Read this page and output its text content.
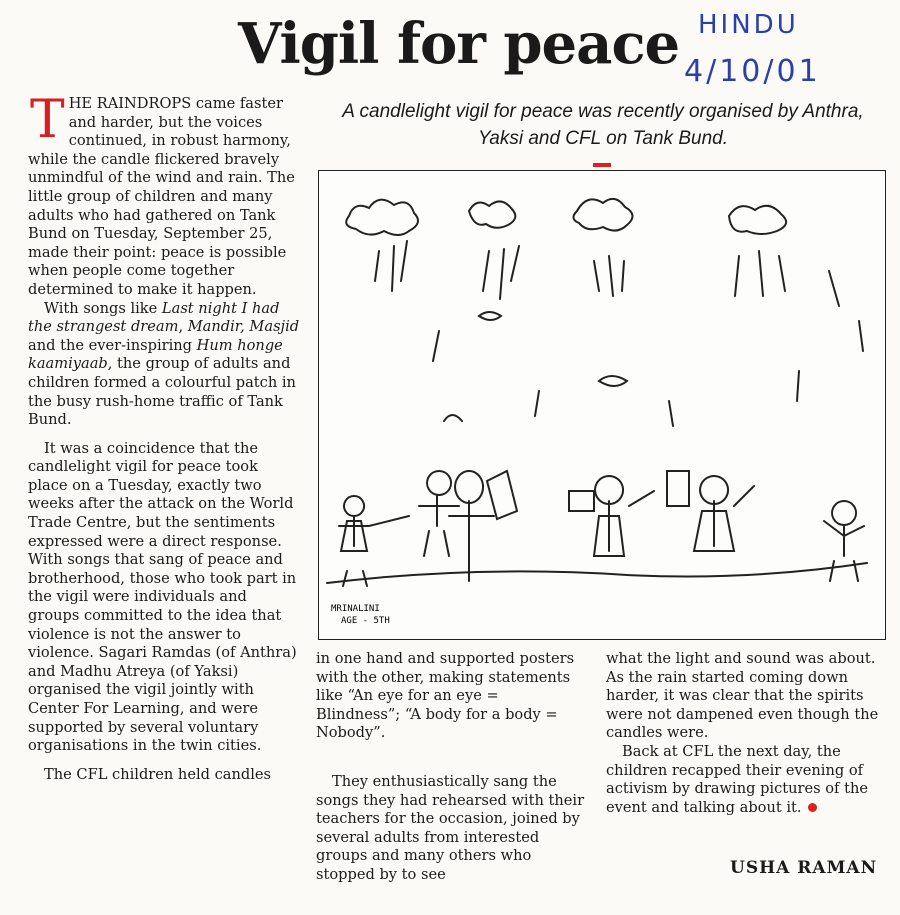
Vigil for peace HINDU
4/10/01
A candlelight vigil for peace was recently organised by Anthra, Yaksi and CFL on Tank Bund.

THE RAINDROPS came faster and harder, but the voices continued, in robust harmony, while the candle flickered bravely unmindful of the wind and rain. The little group of children and many adults who had gathered on Tank Bund on Tuesday, September 25, made their point: peace is possible when people come together determined to make it happen.

With songs like Last night I had the strangest dream, Mandir, Masjid and the ever-inspiring Hum honge kaamiyaab, the group of adults and children formed a colourful patch in the busy rush-home traffic of Tank Bund.

It was a coincidence that the candlelight vigil for peace took place on a Tuesday, exactly two weeks after the attack on the World Trade Centre, but the sentiments expressed were a direct response. With songs that sang of peace and brotherhood, those who took part in the vigil were individuals and groups committed to the idea that violence is not the answer to violence. Sagari Ramdas (of Anthra) and Madhu Atreya (of Yaksi) organised the vigil jointly with Center For Learning, and were supported by several voluntary organisations in the twin cities.

The CFL children held candles

MRINALINI
AGE - 5TH

in one hand and supported posters with the other, making statements like “An eye for an eye = Blindness”; “A body for a body = Nobody”.

They enthusiastically sang the songs they had rehearsed with their teachers for the occasion, joined by several adults from interested groups and many others who stopped by to see

what the light and sound was about. As the rain started coming down harder, it was clear that the spirits were not dampened even though the candles were.

Back at CFL the next day, the children recapped their evening of activism by drawing pictures of the event and talking about it.

USHA RAMAN
